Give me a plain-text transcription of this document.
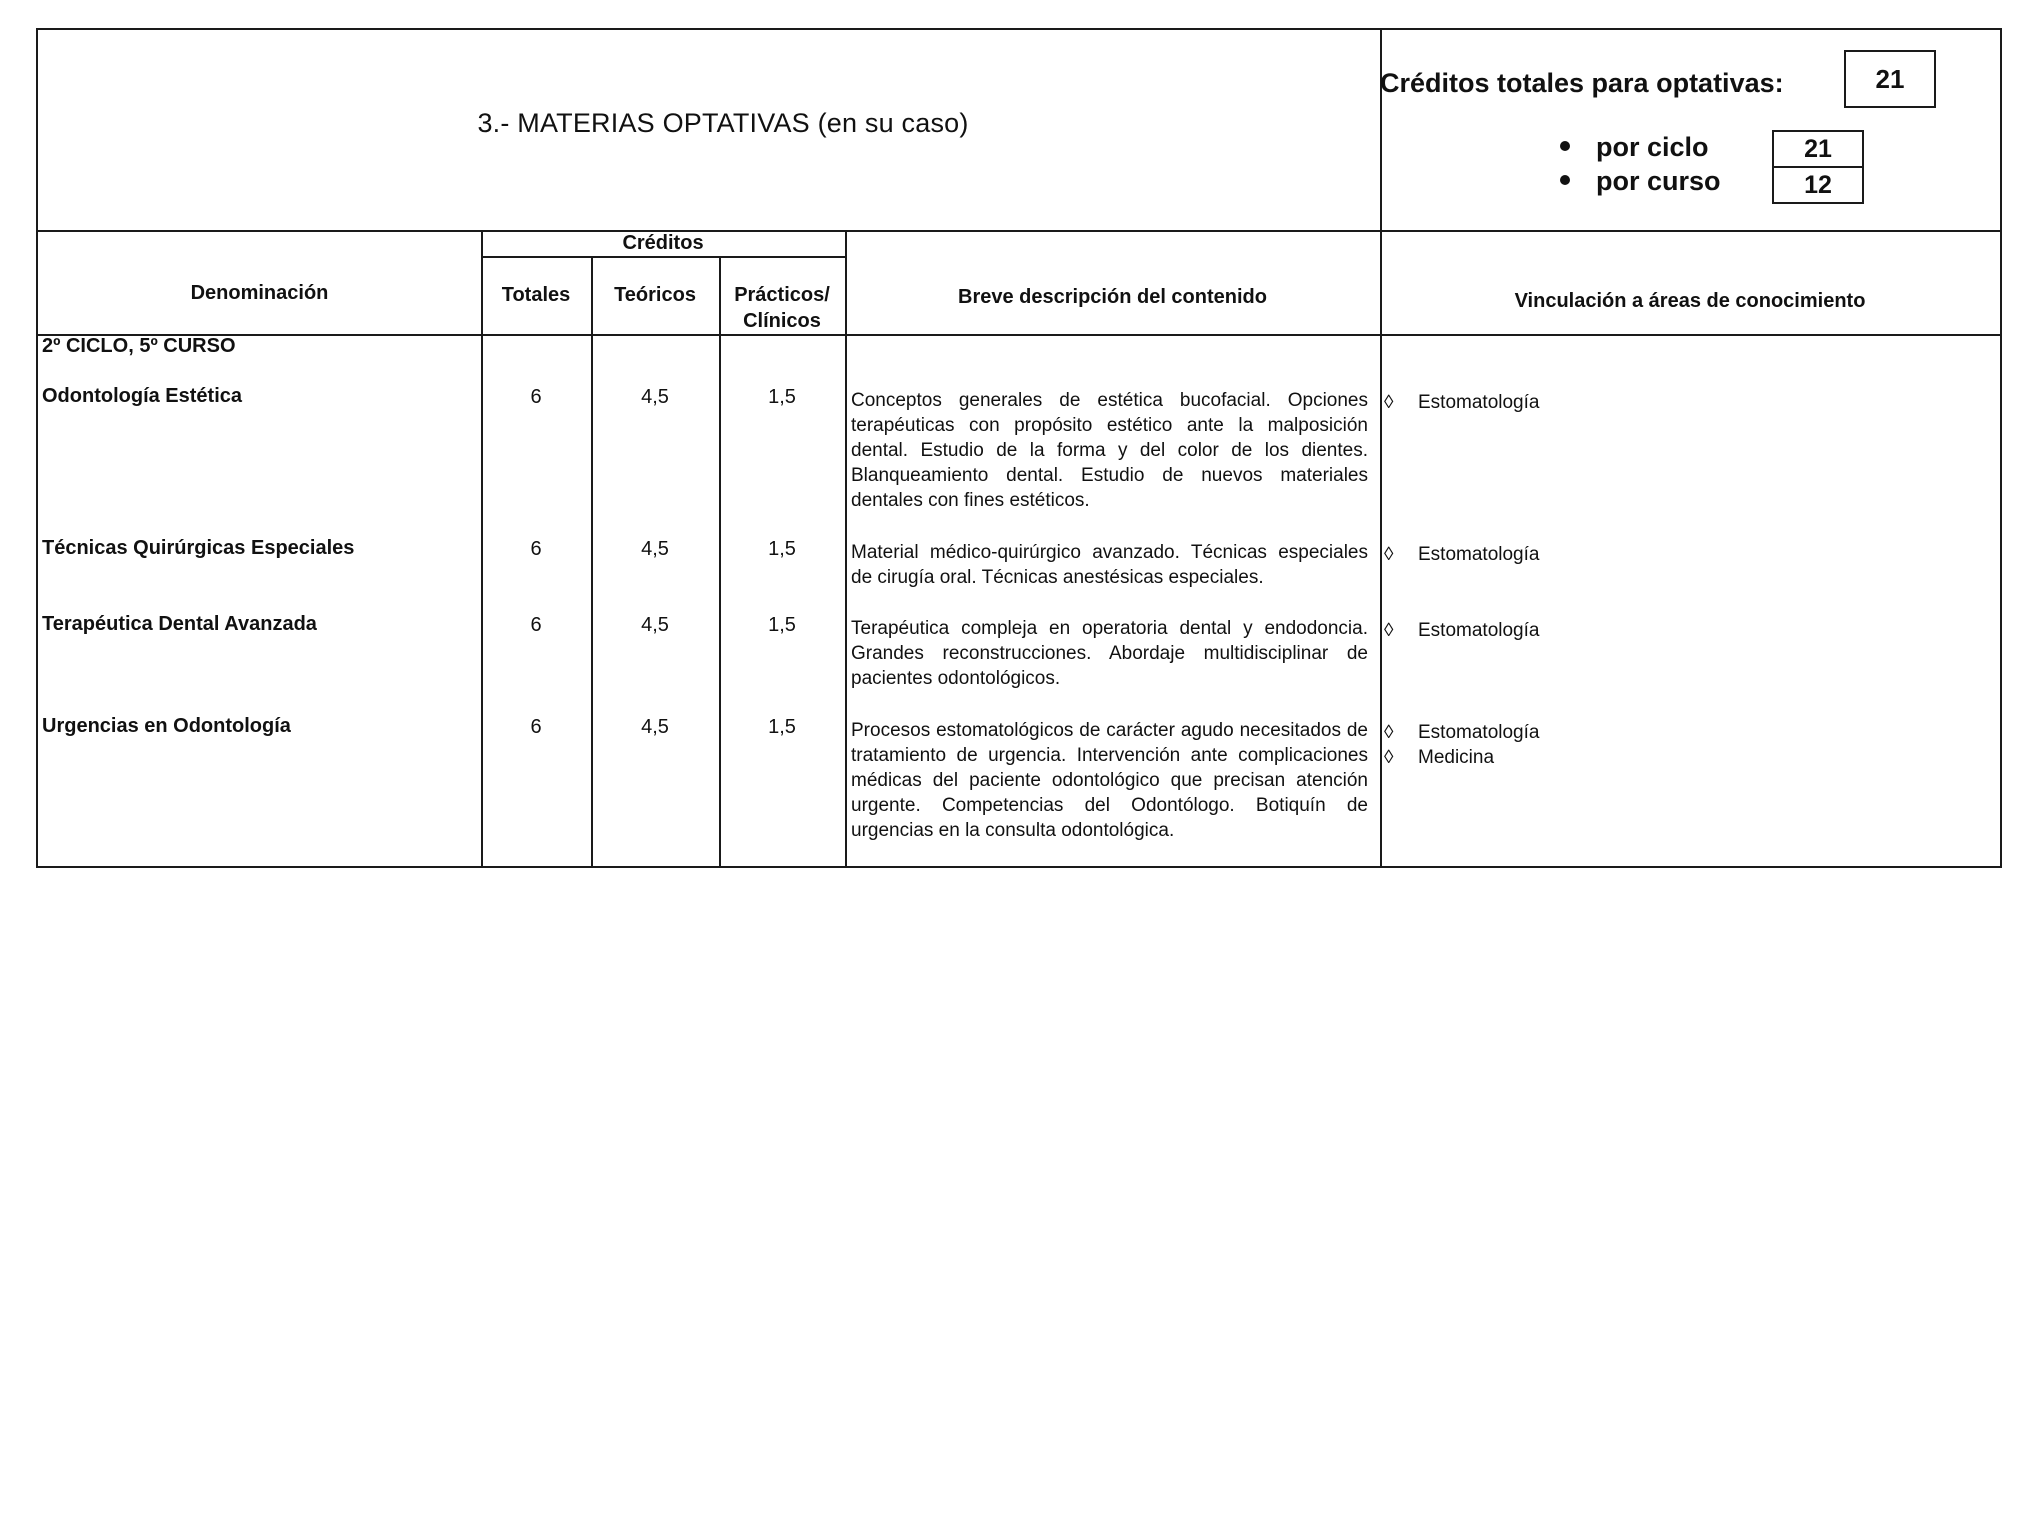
3.- MATERIAS OPTATIVAS (en su caso)
Créditos totales para optativas:	21
por ciclo	21
por curso	12
Denominación
Créditos
Totales	Teóricos	Prácticos/
Clínicos
Breve descripción del contenido	Vinculación a áreas de conocimiento
2º CICLO, 5º CURSO
Odontología Estética	6	4,5	1,5	Conceptos generales de estética bucofacial. Opciones terapéuticas con propósito estético ante la malposición dental. Estudio de la forma y del color de los dientes. Blanqueamiento dental. Estudio de nuevos materiales dentales con fines estéticos.
◊ Estomatología
Técnicas Quirúrgicas Especiales	6	4,5	1,5	Material médico-quirúrgico avanzado. Técnicas especiales de cirugía oral. Técnicas anestésicas especiales.
◊ Estomatología
Terapéutica Dental Avanzada	6	4,5	1,5	Terapéutica compleja en operatoria dental y endodoncia. Grandes reconstrucciones. Abordaje multidisciplinar de pacientes odontológicos.
◊ Estomatología
Urgencias en Odontología	6	4,5	1,5	Procesos estomatológicos de carácter agudo necesitados de tratamiento de urgencia. Intervención ante complicaciones médicas del paciente odontológico que precisan atención urgente. Competencias del Odontólogo. Botiquín de urgencias en la consulta odontológica.
◊ Estomatología
◊ Medicina
